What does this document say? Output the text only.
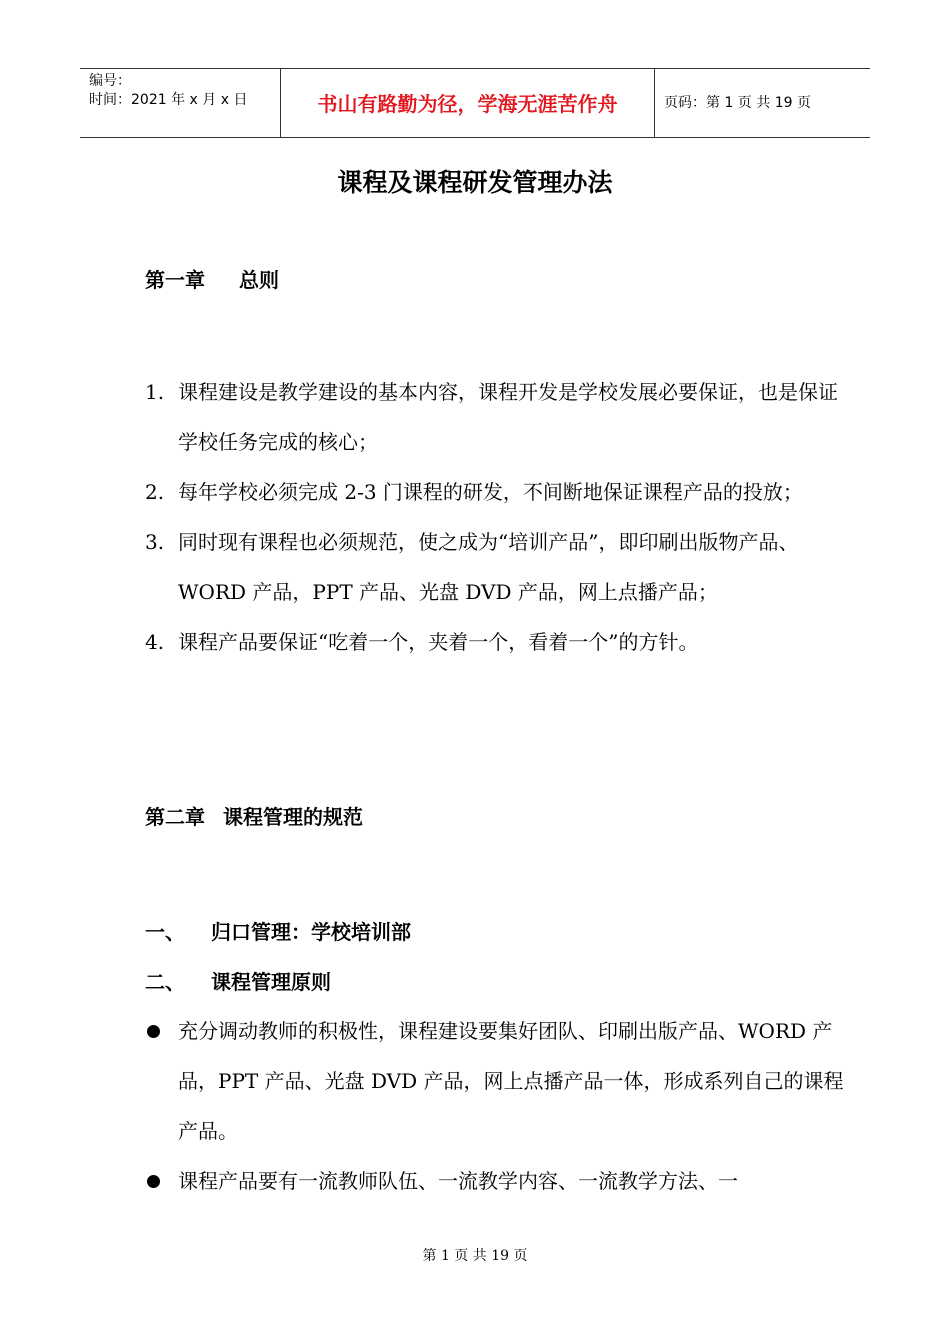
编号：
时间：2021 年 x 月 x 日	书山有路勤为径，学海无涯苦作舟	页码：第 1 页 共 19 页
课程及课程研发管理办法
第一章 总则
1. 课程建设是教学建设的基本内容，课程开发是学校发展必要保证，也是保证学校任务完成的核心；
2. 每年学校必须完成 2-3 门课程的研发，不间断地保证课程产品的投放；
3. 同时现有课程也必须规范，使之成为“培训产品”，即印刷出版物产品、WORD 产品，PPT 产品、光盘 DVD 产品，网上点播产品；
4. 课程产品要保证“吃着一个，夹着一个，看着一个”的方针。
第二章 课程管理的规范
一、 归口管理：学校培训部
二、 课程管理原则
充分调动教师的积极性，课程建设要集好团队、印刷出版产品、WORD 产品，PPT 产品、光盘 DVD 产品，网上点播产品一体，形成系列自己的课程产品。
课程产品要有一流教师队伍、一流教学内容、一流教学方法、一
第 1 页 共 19 页
